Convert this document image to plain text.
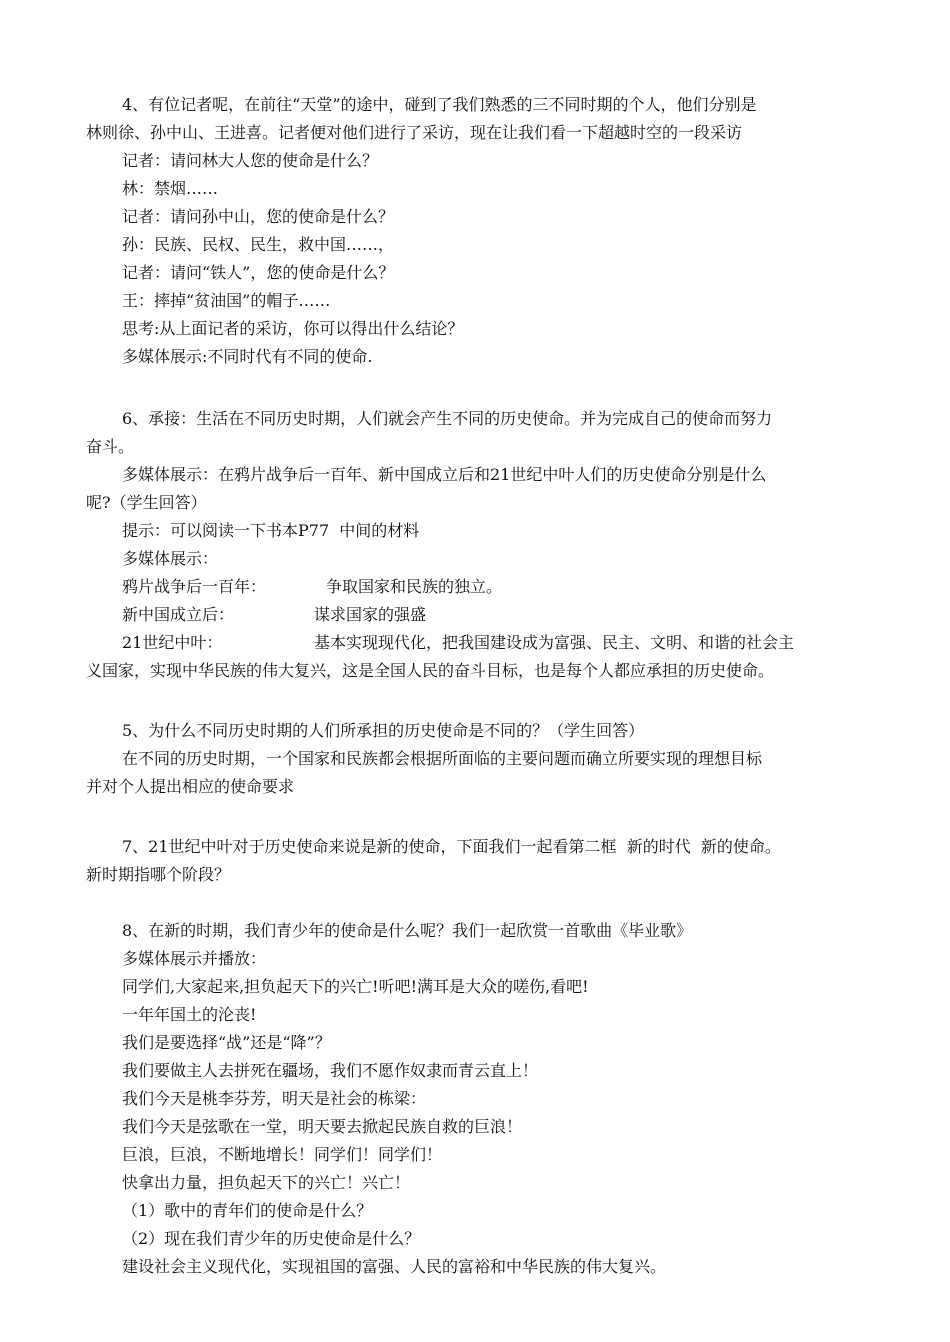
4、有位记者呢，在前往“天堂”的途中，碰到了我们熟悉的三不同时期的个人，他们分别是
林则徐、孙中山、王进喜。记者便对他们进行了采访，现在让我们看一下超越时空的一段采访
记者：请问林大人您的使命是什么？
林：禁烟……
记者：请问孙中山，您的使命是什么？
孙：民族、民权、民生，救中国……，
记者：请问“铁人”，您的使命是什么？
王：摔掉“贫油国”的帽子……
思考:从上面记者的采访，你可以得出什么结论？
多媒体展示:不同时代有不同的使命.
6、承接：生活在不同历史时期，人们就会产生不同的历史使命。并为完成自己的使命而努力
奋斗。
多媒体展示：在鸦片战争后一百年、新中国成立后和21世纪中叶人们的历史使命分别是什么
呢?（学生回答）
提示：可以阅读一下书本P77  中间的材料
多媒体展示：
鸦片战争后一百年：	争取国家和民族的独立。
新中国成立后：	谋求国家的强盛
21世纪中叶：	基本实现现代化，把我国建设成为富强、民主、文明、和谐的社会主
义国家，实现中华民族的伟大复兴，这是全国人民的奋斗目标，也是每个人都应承担的历史使命。
5、为什么不同历史时期的人们所承担的历史使命是不同的？（学生回答）
在不同的历史时期，一个国家和民族都会根据所面临的主要问题而确立所要实现的理想目标
并对个人提出相应的使命要求
7、21世纪中叶对于历史使命来说是新的使命，下面我们一起看第二框  新的时代  新的使命。
新时期指哪个阶段？
8、在新的时期，我们青少年的使命是什么呢？我们一起欣赏一首歌曲《毕业歌》
多媒体展示并播放：
同学们,大家起来,担负起天下的兴亡!听吧!满耳是大众的嗟伤,看吧!
一年年国土的沦丧!
我们是要选择“战”还是“降”？
我们要做主人去拼死在疆场，我们不愿作奴隶而青云直上！
我们今天是桃李芬芳，明天是社会的栋梁：
我们今天是弦歌在一堂，明天要去掀起民族自救的巨浪！
巨浪，巨浪，不断地增长！同学们！同学们！
快拿出力量，担负起天下的兴亡！兴亡！
（1）歌中的青年们的使命是什么？
（2）现在我们青少年的历史使命是什么？
建设社会主义现代化，实现祖国的富强、人民的富裕和中华民族的伟大复兴。
